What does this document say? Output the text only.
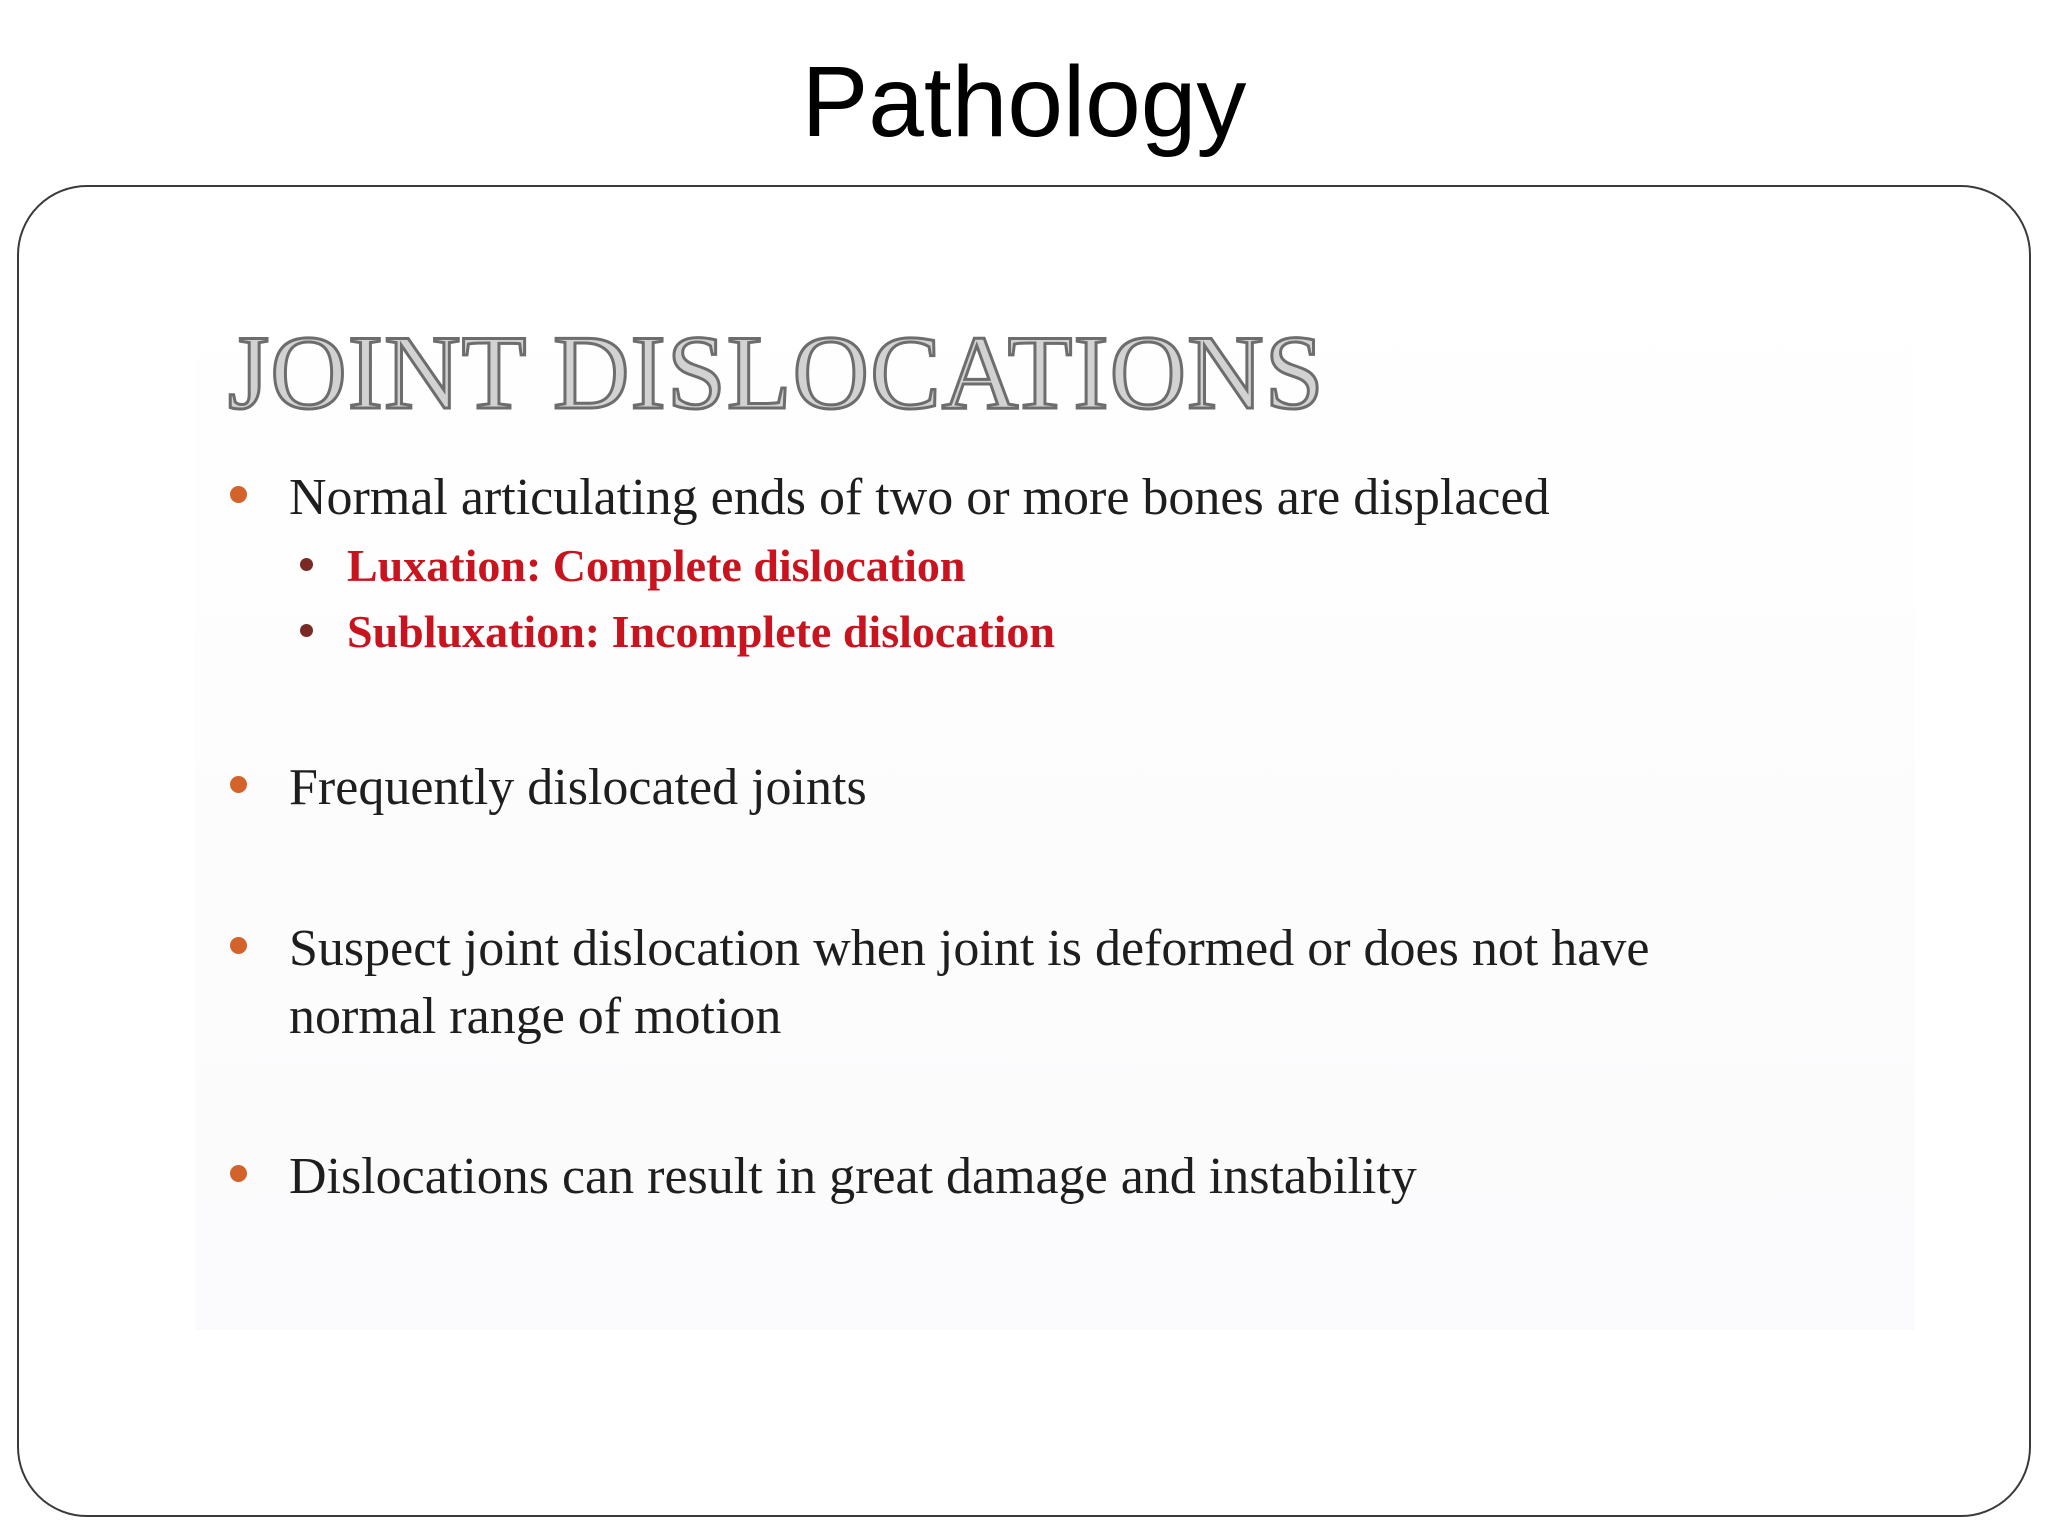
Pathology
JOINT DISLOCATIONS
Normal articulating ends of two or more bones are displaced
Luxation: Complete dislocation
Subluxation: Incomplete dislocation
Frequently dislocated joints
Suspect joint dislocation when joint is deformed or does not have
normal range of motion
Dislocations can result in great damage and instability
